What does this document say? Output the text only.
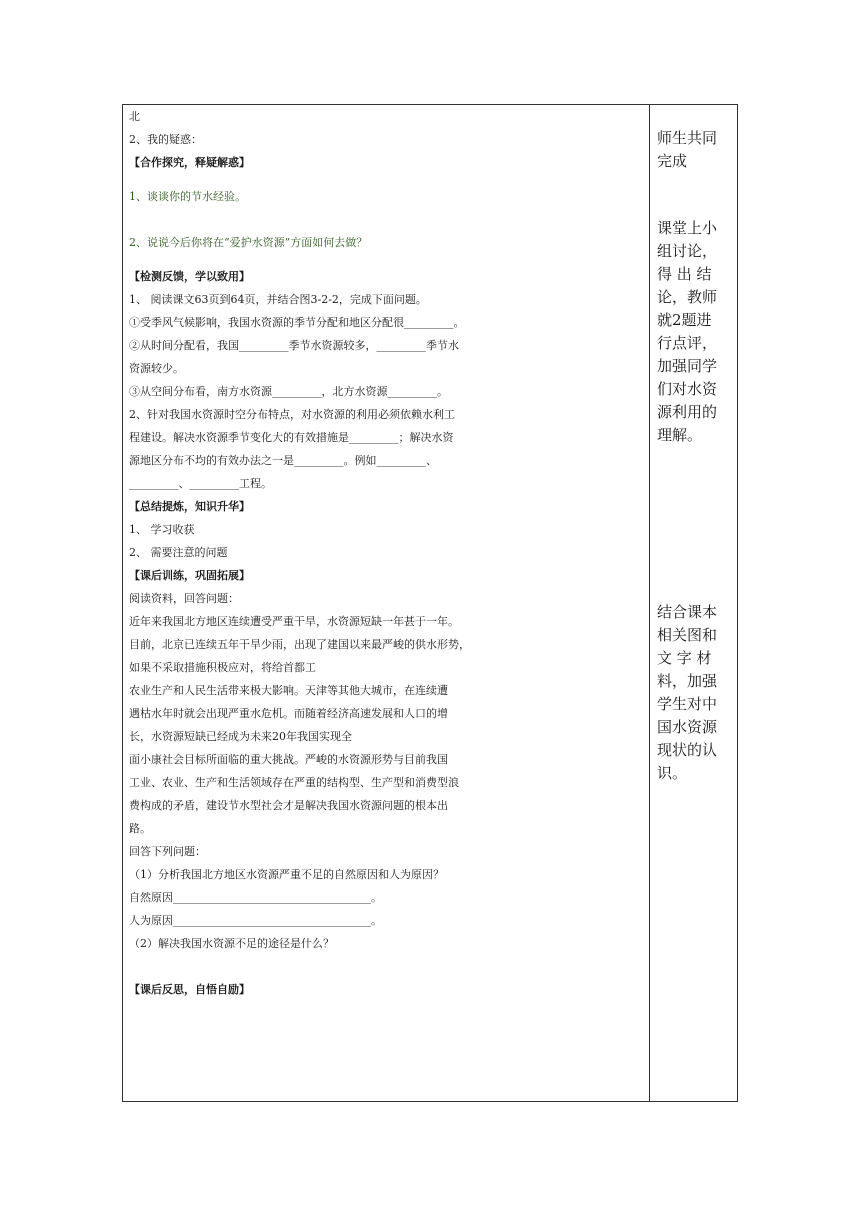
北
2、我的疑惑：
【合作探究，释疑解惑】
1、谈谈你的节水经验。
2、说说今后你将在“爱护水资源”方面如何去做？
【检测反馈，学以致用】
1、 阅读课文63页到64页，并结合图3-2-2，完成下面问题。
①受季风气候影响，我国水资源的季节分配和地区分配很_________。
②从时间分配看，我国_________季节水资源较多，_________季节水
资源较少。
③从空间分布看，南方水资源_________，北方水资源_________。
2、针对我国水资源时空分布特点，对水资源的利用必须依赖水利工
程建设。解决水资源季节变化大的有效措施是_________；解决水资
源地区分布不均的有效办法之一是_________。例如_________、
_________、_________工程。
【总结提炼，知识升华】
1、 学习收获
2、 需要注意的问题
【课后训练，巩固拓展】
阅读资料，回答问题：
近年来我国北方地区连续遭受严重干旱，水资源短缺一年甚于一年。
目前，北京已连续五年干旱少雨，出现了建国以来最严峻的供水形势，
如果不采取措施积极应对，将给首都工
农业生产和人民生活带来极大影响。天津等其他大城市，在连续遭
遇枯水年时就会出现严重水危机。而随着经济高速发展和人口的增
长，水资源短缺已经成为未来20年我国实现全
面小康社会目标所面临的重大挑战。严峻的水资源形势与目前我国
工业、农业、生产和生活领域存在严重的结构型、生产型和消费型浪
费构成的矛盾，建设节水型社会才是解决我国水资源问题的根本出
路。
回答下列问题：
（1）分析我国北方地区水资源严重不足的自然原因和人为原因？
自然原因____________________________________。
人为原因____________________________________。
（2）解决我国水资源不足的途径是什么？
【课后反思，自悟自励】
师生共同
完成
课堂上小
组讨论，
得 出 结
论，教师
就2题进
行点评，
加强同学
们对水资
源利用的
理解。
结合课本
相关图和
文 字 材
料，加强
学生对中
国水资源
现状的认
识。
